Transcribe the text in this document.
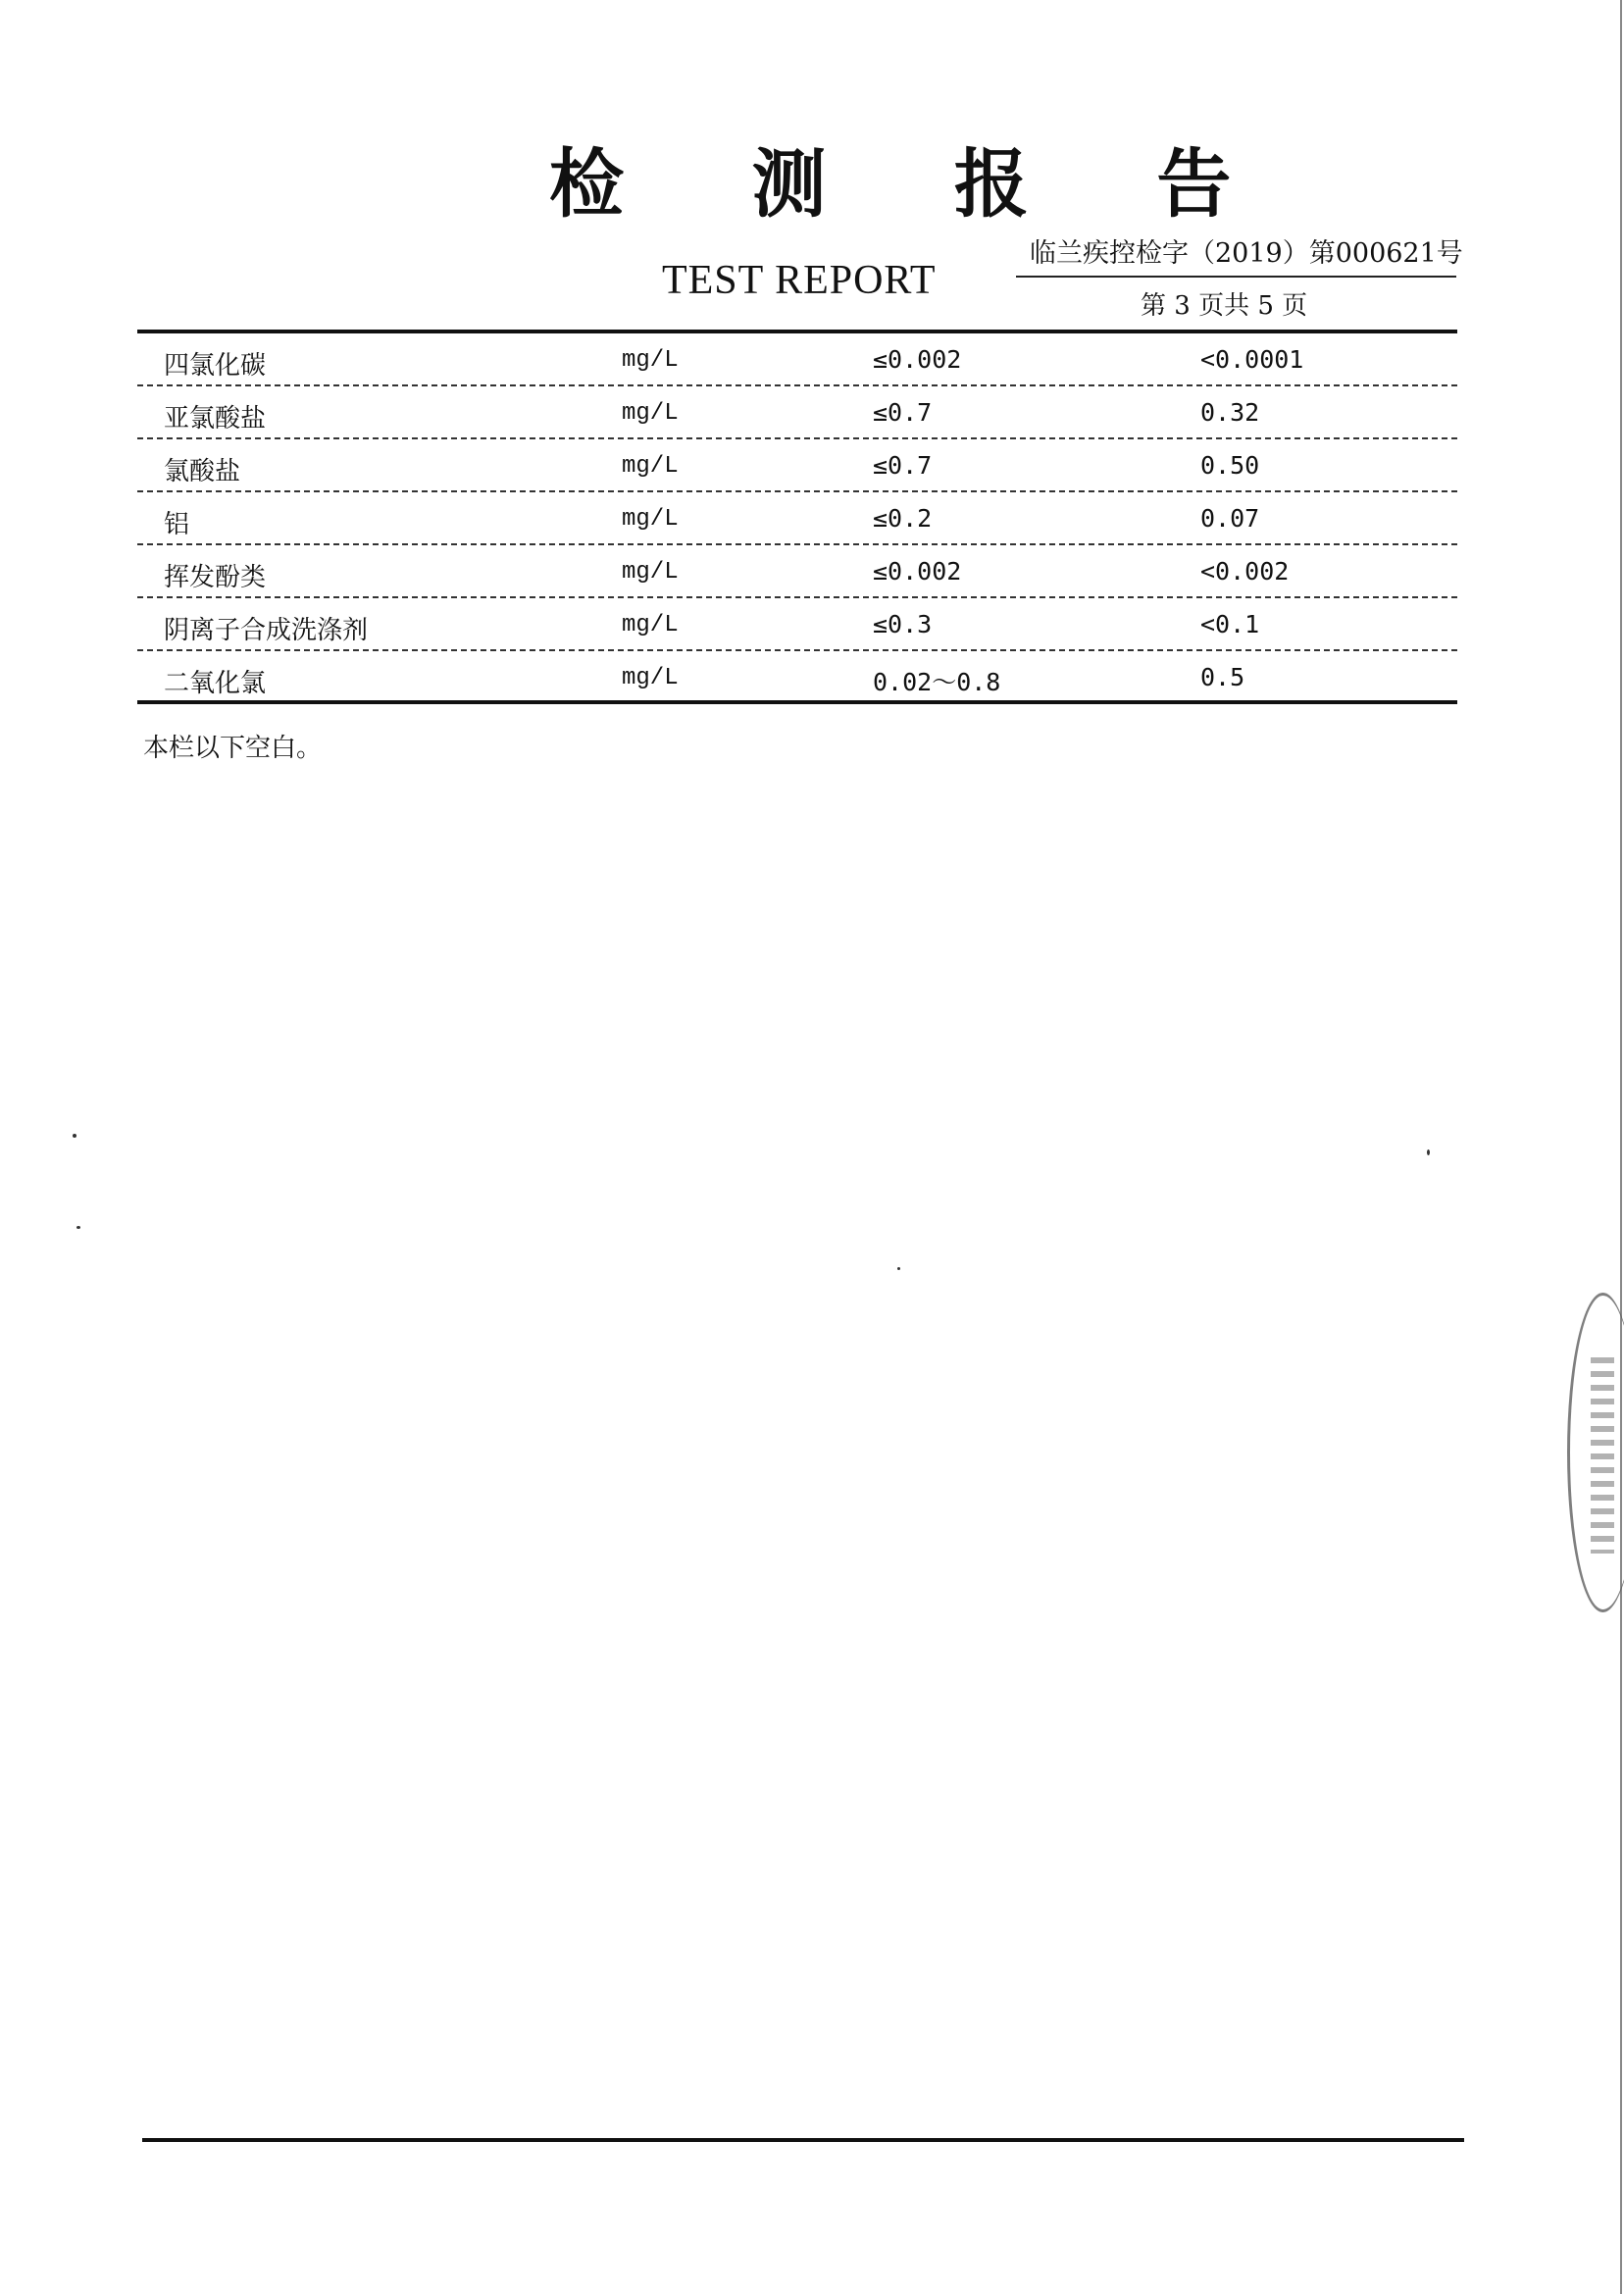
检 测 报 告
TEST REPORT
临兰疾控检字（2019）第000621号
第 3 页共 5 页
四氯化碳	mg/L	≤0.002	<0.0001
亚氯酸盐	mg/L	≤0.7	0.32
氯酸盐	mg/L	≤0.7	0.50
铝	mg/L	≤0.2	0.07
挥发酚类	mg/L	≤0.002	<0.002
阴离子合成洗涤剂	mg/L	≤0.3	<0.1
二氧化氯	mg/L	0.02～0.8	0.5
本栏以下空白。
